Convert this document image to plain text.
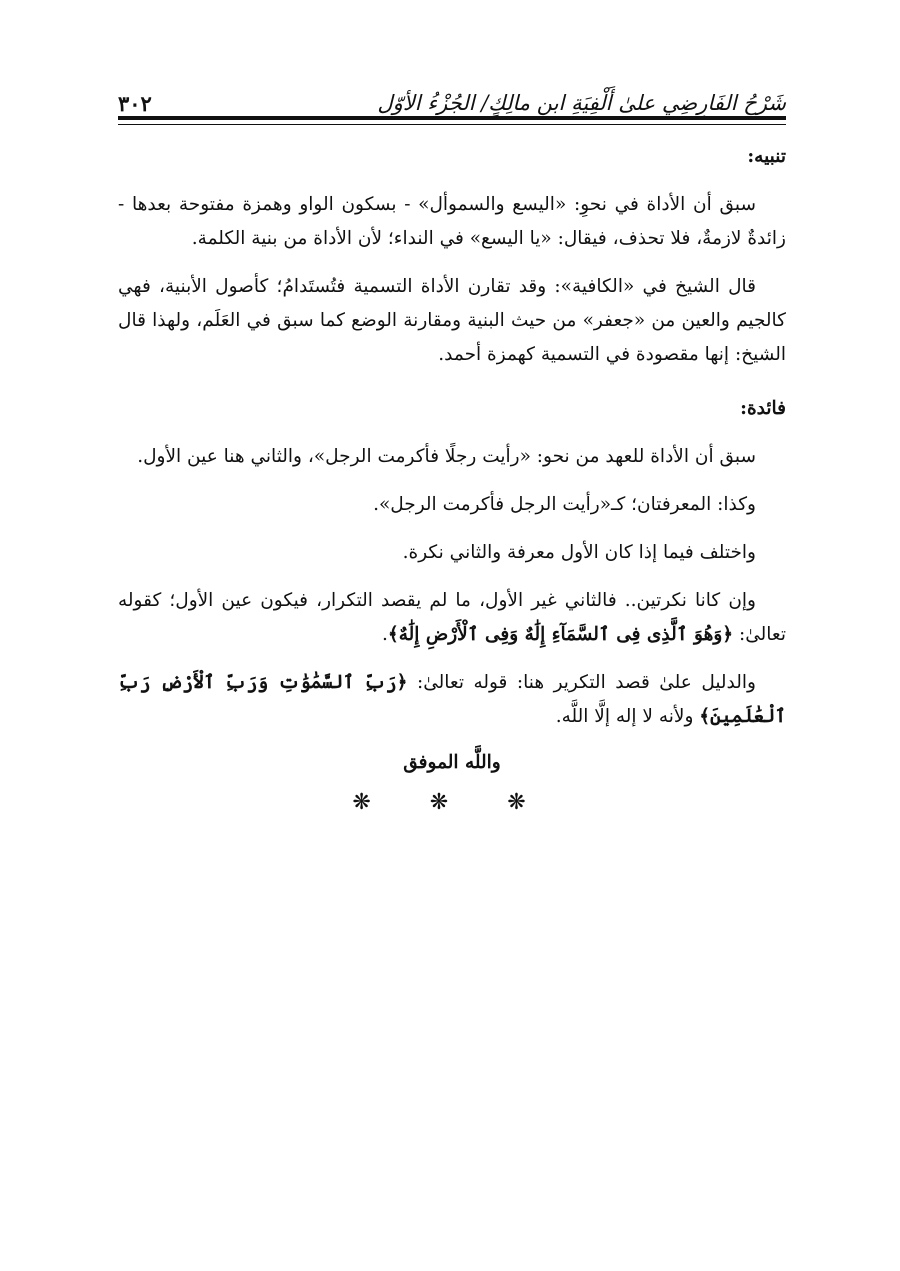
شَرْحُ الفَارِضِي علىٰ أَلْفِيَةِ ابنِ مالِكٍ/ الجُزْءُ الأوّل
٣٠٢

تنبيه:

سبق أن الأداة في نحوِ: «اليسع والسموأل» - بسكون الواو وهمزة مفتوحة بعدها - زائدةٌ لازمةٌ، فلا تحذف، فيقال: «يا اليسع» في النداء؛ لأن الأداة من بنية الكلمة.

قال الشيخ في «الكافية»: وقد تقارن الأداة التسمية فتُستَدامُ؛ كأصول الأبنية، فهي كالجيم والعين من «جعفر» من حيث البنية ومقارنة الوضع كما سبق في العَلَم، ولهذا قال الشيخ: إنها مقصودة في التسمية كهمزة أحمد.

فائدة:

سبق أن الأداة للعهد من نحو: «رأيت رجلًا فأكرمت الرجل»، والثاني هنا عين الأول.

وكذا: المعرفتان؛ كـ«رأيت الرجل فأكرمت الرجل».

واختلف فيما إذا كان الأول معرفة والثاني نكرة.

وإن كانا نكرتين.. فالثاني غير الأول، ما لم يقصد التكرار، فيكون عين الأول؛ كقوله تعالىٰ: ﴿وَهُوَ ٱلَّذِى فِى ٱلسَّمَآءِ إِلَٰهٌ وَفِى ٱلْأَرْضِ إِلَٰهٌ﴾.

والدليل علىٰ قصد التكرير هنا: قوله تعالىٰ: ﴿رَبِّ ٱلسَّمَٰوَٰتِ وَرَبِّ ٱلْأَرْضِ رَبِّ ٱلْعَٰلَمِينَ﴾ ولأنه لا إله إلَّا اللَّه.

واللَّه الموفق

❋ ❋ ❋
